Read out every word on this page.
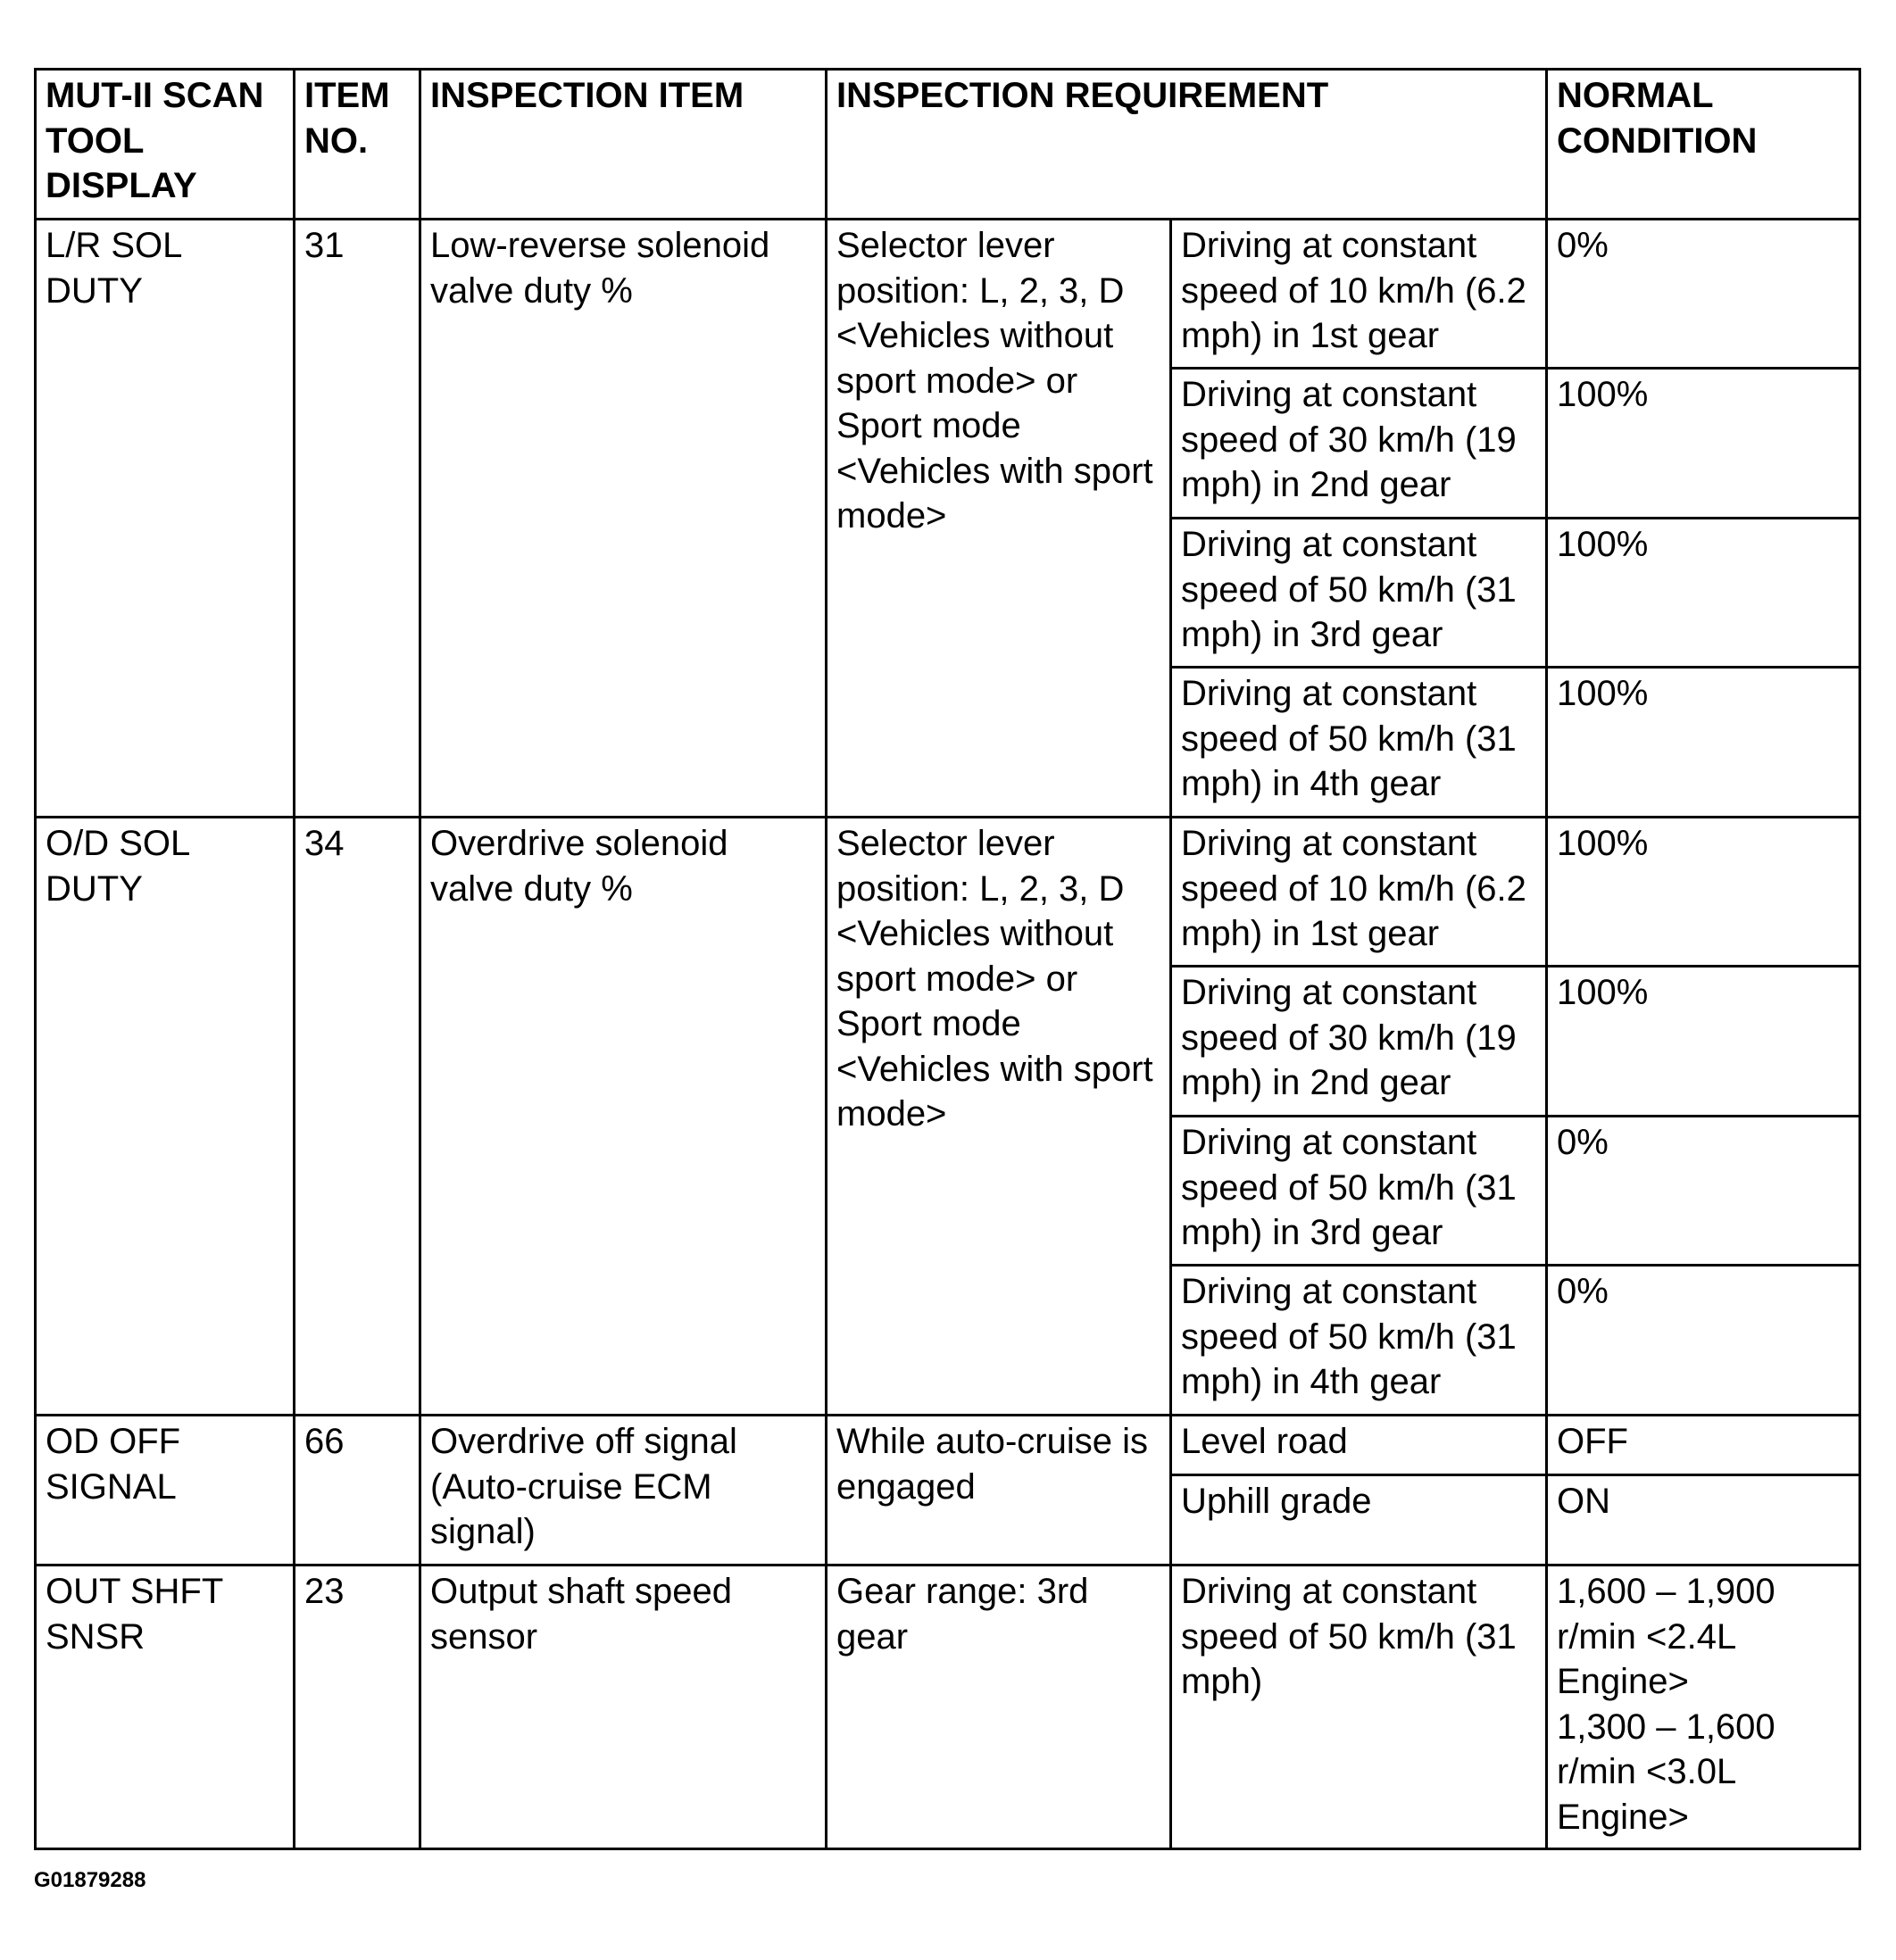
MUT-II SCAN TOOL DISPLAY	ITEM NO.	INSPECTION ITEM	INSPECTION REQUIREMENT		NORMAL CONDITION
L/R SOL DUTY	31	Low-reverse solenoid valve duty %	Selector lever position: L, 2, 3, D <Vehicles without sport mode> or Sport mode <Vehicles with sport mode>	Driving at constant speed of 10 km/h (6.2 mph) in 1st gear	0%
				Driving at constant speed of 30 km/h (19 mph) in 2nd gear	100%
				Driving at constant speed of 50 km/h (31 mph) in 3rd gear	100%
				Driving at constant speed of 50 km/h (31 mph) in 4th gear	100%
O/D SOL DUTY	34	Overdrive solenoid valve duty %	Selector lever position: L, 2, 3, D <Vehicles without sport mode> or Sport mode <Vehicles with sport mode>	Driving at constant speed of 10 km/h (6.2 mph) in 1st gear	100%
				Driving at constant speed of 30 km/h (19 mph) in 2nd gear	100%
				Driving at constant speed of 50 km/h (31 mph) in 3rd gear	0%
				Driving at constant speed of 50 km/h (31 mph) in 4th gear	0%
OD OFF SIGNAL	66	Overdrive off signal (Auto-cruise ECM signal)	While auto-cruise is engaged	Level road	OFF
				Uphill grade	ON
OUT SHFT SNSR	23	Output shaft speed sensor	Gear range: 3rd gear	Driving at constant speed of 50 km/h (31 mph)	1,600 – 1,900 r/min <2.4L Engine>
1,300 – 1,600 r/min <3.0L Engine>
G01879288
